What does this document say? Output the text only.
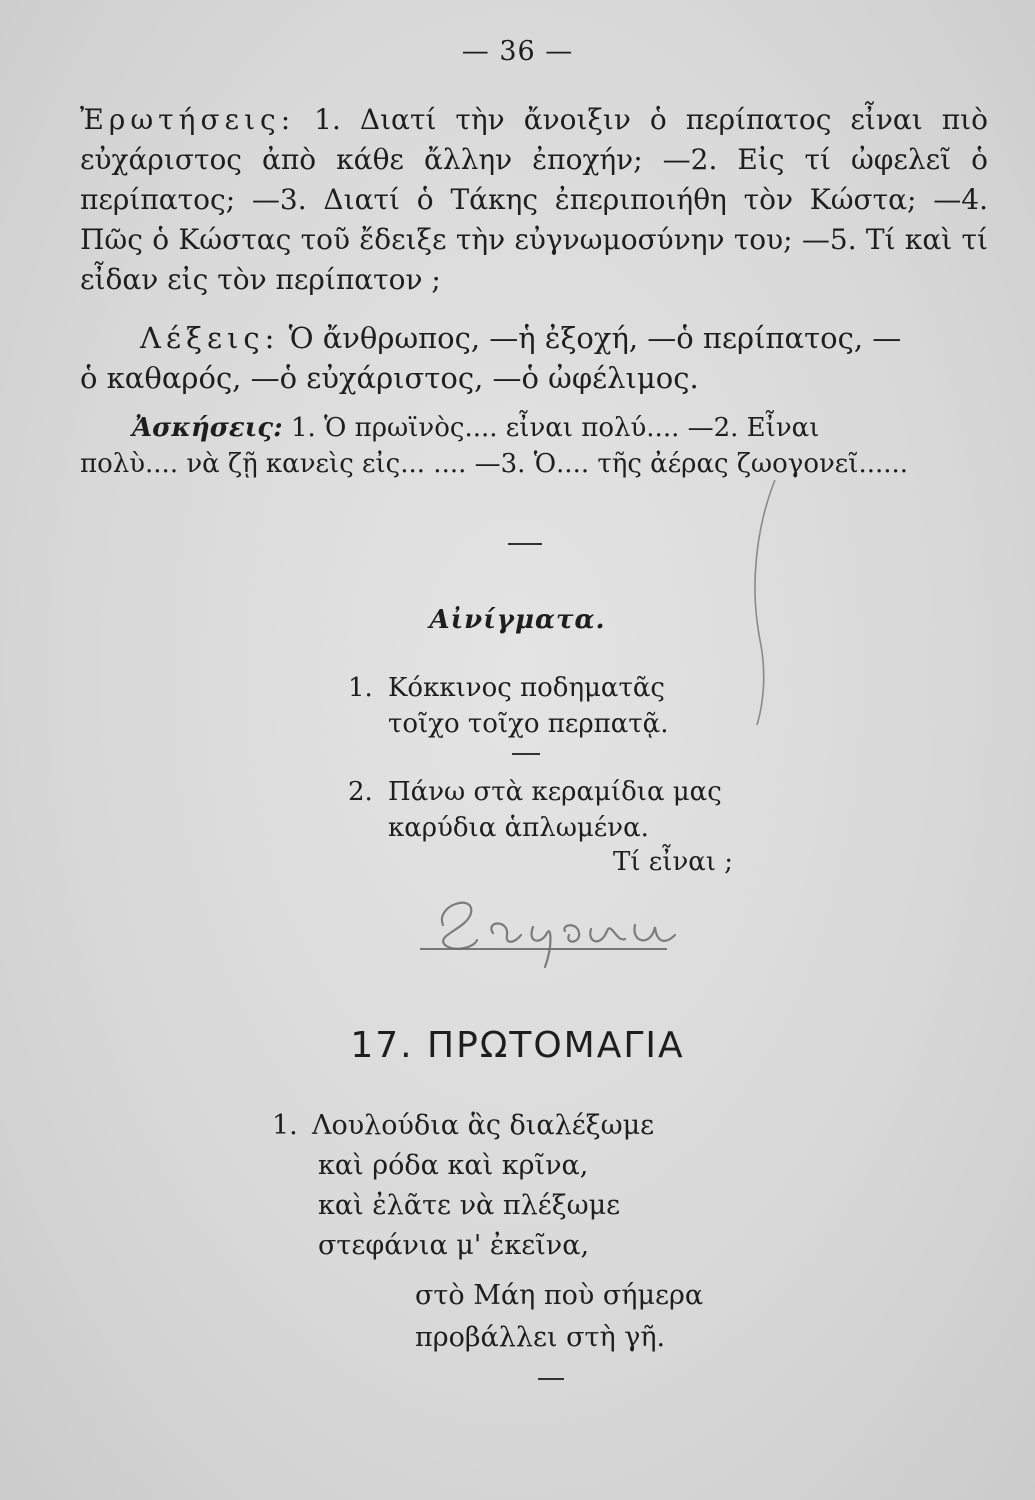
— 36 —
Ἐρωτήσεις: 1. Διατί τὴν ἄνοιξιν ὁ περίπατος εἶναι πιὸ εὐχάριστος ἀπὸ κάθε ἄλλην ἐποχήν; —2. Εἰς τί ὠφελεῖ ὁ περίπατος; —3. Διατί ὁ Τάκης ἐπεριποιήθη τὸν Κώστα; —4. Πῶς ὁ Κώστας τοῦ ἔδειξε τὴν εὐγνωμοσύνην του; —5. Τί καὶ τί εἶδαν εἰς τὸν περίπατον ;
Λέξεις: Ὁ ἄνθρωπος, —ἡ ἐξοχή, —ὁ περίπατος, —
ὁ καθαρός, —ὁ εὐχάριστος, —ὁ ὠφέλιμος.
Ἀσκήσεις: 1. Ὁ πρωϊνὸς.... εἶναι πολύ.... —2. Εἶναι
πολὺ.... νὰ ζῇ κανεὶς εἰς... .... —3. Ὁ.... τῆς ἀέρας ζωογονεῖ......
Αἰνίγματα.
1. Κόκκινος ποδηματᾶς
τοῖχο τοῖχο περπατᾷ.
2. Πάνω στὰ κεραμίδια μας
καρύδια ἁπλωμένα.
Τί εἶναι ;
17. ΠΡΩΤΟΜΑΓΙΑ
1. Λουλούδια ἃς διαλέξωμε
καὶ ρόδα καὶ κρῖνα,
καὶ ἐλᾶτε νὰ πλέξωμε
στεφάνια μ' ἐκεῖνα,
στὸ Μάη ποὺ σήμερα
προβάλλει στὴ γῆ.
